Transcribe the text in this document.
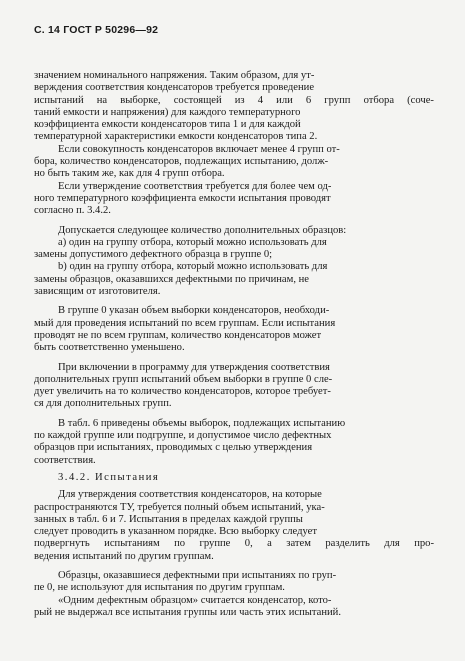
С. 14 ГОСТ Р 50296—92
значением номинального напряжения. Таким образом, для ут-
верждения соответствия конденсаторов требуется проведение
испытаний на выборке, состоящей из 4 или 6 групп отбора (соче-
таний емкости и напряжения) для каждого температурного
коэффициента емкости конденсаторов типа 1 и для каждой
температурной характеристики емкости конденсаторов типа 2.
Если совокупность конденсаторов включает менее 4 групп от-
бора, количество конденсаторов, подлежащих испытанию, долж-
но быть таким же, как для 4 групп отбора.
Если утверждение соответствия требуется для более чем од-
ного температурного коэффициента емкости испытания проводят
согласно п. 3.4.2.
Допускается следующее количество дополнительных образцов:
а) один на группу отбора, который можно использовать для
замены допустимого дефектного образца в группе 0;
b) один на группу отбора, который можно использовать для
замены образцов, оказавшихся дефектными по причинам, не
зависящим от изготовителя.
В группе 0 указан объем выборки конденсаторов, необходи-
мый для проведения испытаний по всем группам. Если испытания
проводят не по всем группам, количество конденсаторов может
быть соответственно уменьшено.
При включении в программу для утверждения соответствия
дополнительных групп испытаний объем выборки в группе 0 сле-
дует увеличить на то количество конденсаторов, которое требует-
ся для дополнительных групп.
В табл. 6 приведены объемы выборок, подлежащих испытанию
по каждой группе или подгруппе, и допустимое число дефектных
образцов при испытаниях, проводимых с целью утверждения
соответствия.
3.4.2. Испытания
Для утверждения соответствия конденсаторов, на которые
распространяются ТУ, требуется полный объем испытаний, ука-
занных в табл. 6 и 7. Испытания в пределах каждой группы
следует проводить в указанном порядке. Всю выборку следует
подвергнуть испытаниям по группе 0, а затем разделить для про-
ведения испытаний по другим группам.
Образцы, оказавшиеся дефектными при испытаниях по груп-
пе 0, не используют для испытания по другим группам.
«Одним дефектным образцом» считается конденсатор, кото-
рый не выдержал все испытания группы или часть этих испытаний.
